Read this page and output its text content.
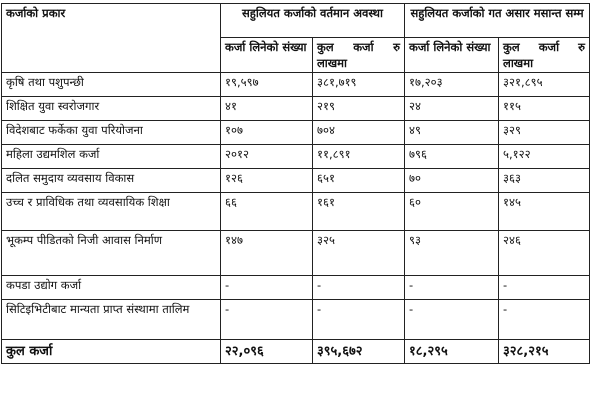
कर्जाको प्रकार	सहुलियत कर्जाको वर्तमान अवस्था		सहुलियत कर्जाको गत असार मसान्त सम्म	
	कर्जा लिनेको संख्या	कुल कर्जा रु लाखमा	कर्जा लिनेको संख्या	कुल कर्जा रु लाखमा
कृषि तथा पशुपन्छी	१९,५९७	३८१,७१९	१७,२०३	३२१,८९५
शिक्षित युवा स्वरोजगार	४१	२१९	२४	११५
विदेशबाट फर्केका युवा परियोजना	१०७	७०४	४९	३२९
महिला उद्यमशिल कर्जा	२०१२	११,८९१	७९६	५,१२२
दलित समुदाय व्यवसाय विकास	१२६	६५१	७०	३६३
उच्च र प्राविधिक तथा व्यवसायिक शिक्षा	६६	१६१	६०	१४५
भूकम्प पीडितको निजी आवास निर्माण	१४७	३२५	९३	२४६
कपडा उद्योग कर्जा	-	-	-	-
सिटिइभिटीबाट मान्यता प्राप्त संस्थामा तालिम	-	-	-	-
कुल कर्जा	२२,०९६	३९५,६७२	१८,२९५	३२८,२१५
